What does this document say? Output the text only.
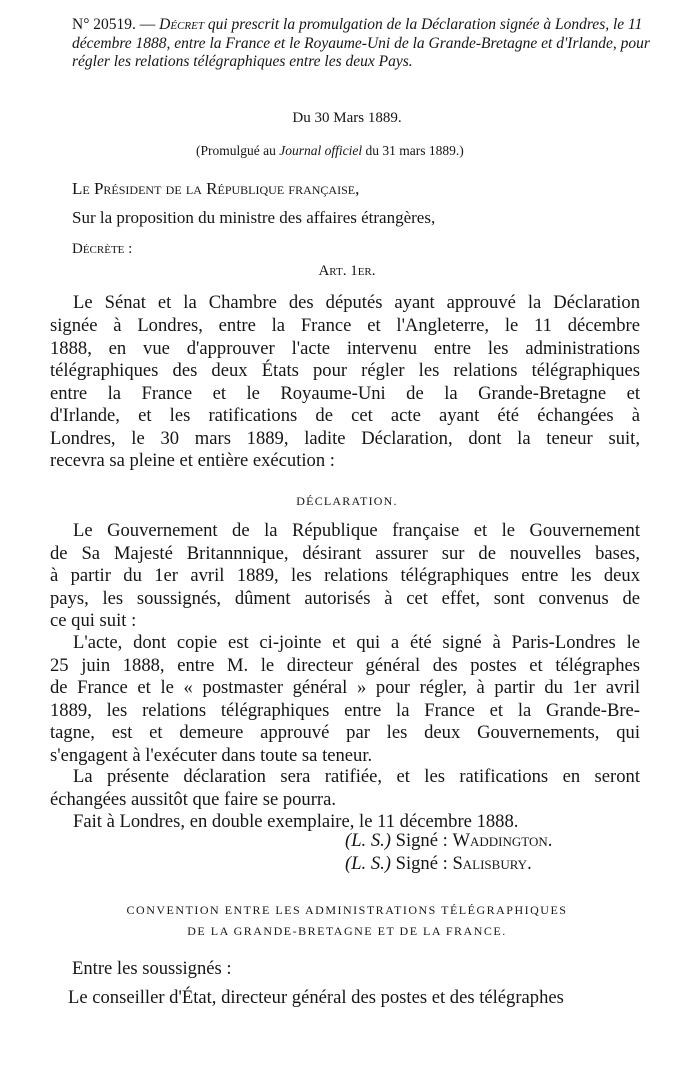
N° 20519. — Décret qui prescrit la promulgation de la Déclaration signée à Londres, le 11 décembre 1888, entre la France et le Royaume-Uni de la Grande-Bretagne et d'Irlande, pour régler les relations télégraphiques entre les deux Pays.
Du 30 Mars 1889.
(Promulgué au Journal officiel du 31 mars 1889.)
Le Président de la République française,
Sur la proposition du ministre des affaires étrangères,
Décrète :
Art. 1er.
Le Sénat et la Chambre des députés ayant approuvé la Déclaration
signée à Londres, entre la France et l'Angleterre, le 11 décembre
1888, en vue d'approuver l'acte intervenu entre les administrations
télégraphiques des deux États pour régler les relations télégraphiques
entre la France et le Royaume-Uni de la Grande-Bretagne et
d'Irlande, et les ratifications de cet acte ayant été échangées à
Londres, le 30 mars 1889, ladite Déclaration, dont la teneur suit,
recevra sa pleine et entière exécution :
DÉCLARATION.
Le Gouvernement de la République française et le Gouvernement
de Sa Majesté Britannnique, désirant assurer sur de nouvelles bases,
à partir du 1er avril 1889, les relations télégraphiques entre les deux
pays, les soussignés, dûment autorisés à cet effet, sont convenus de
ce qui suit :
L'acte, dont copie est ci-jointe et qui a été signé à Paris-Londres le
25 juin 1888, entre M. le directeur général des postes et télégraphes
de France et le « postmaster général » pour régler, à partir du 1er avril
1889, les relations télégraphiques entre la France et la Grande-Bre-
tagne, est et demeure approuvé par les deux Gouvernements, qui
s'engagent à l'exécuter dans toute sa teneur.
La présente déclaration sera ratifiée, et les ratifications en seront
échangées aussitôt que faire se pourra.
Fait à Londres, en double exemplaire, le 11 décembre 1888.
(L. S.) Signé : Waddington.
(L. S.) Signé : Salisbury.
CONVENTION ENTRE LES ADMINISTRATIONS TÉLÉGRAPHIQUES
DE LA GRANDE-BRETAGNE ET DE LA FRANCE.
Entre les soussignés :
Le conseiller d'État, directeur général des postes et des télégraphes
